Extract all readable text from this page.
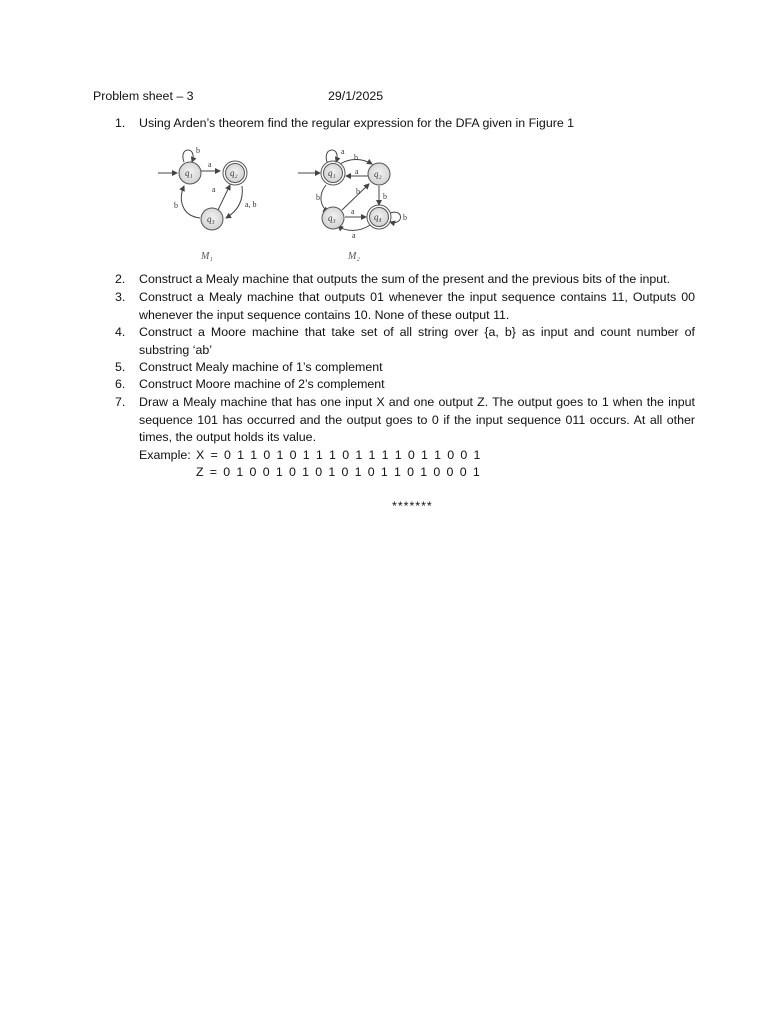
Problem sheet – 3	29/1/2025
1.	Using Arden’s theorem find the regular expression for the DFA given in Figure 1
b
a
a
b	a, b
q₁	q₂
q₃
a
b
a
b	b
b
a
a
b
q₁	q₂
q₃	q₄
M₁	M₂
2.	Construct a Mealy machine that outputs the sum of the present and the previous bits of the input.
3.	Construct a Mealy machine that outputs 01 whenever the input sequence contains 11, Outputs 00 whenever the input sequence contains 10. None of these output 11.
4.	Construct a Moore machine that take set of all string over {a, b} as input and count number of substring ‘ab’
5.	Construct Mealy machine of 1’s complement
6.	Construct Moore machine of 2’s complement
7.	Draw a Mealy machine that has one input X and one output Z. The output goes to 1 when the input sequence 101 has occurred and the output goes to 0 if the input sequence 011 occurs. At all other times, the output holds its value.
Example: X = 0 1 1 0 1 0 1 1 1 0 1 1 1 1 0 1 1 0 0 1
Z = 0 1 0 0 1 0 1 0 1 0 1 0 1 1 0 1 0 0 0 1
*******
